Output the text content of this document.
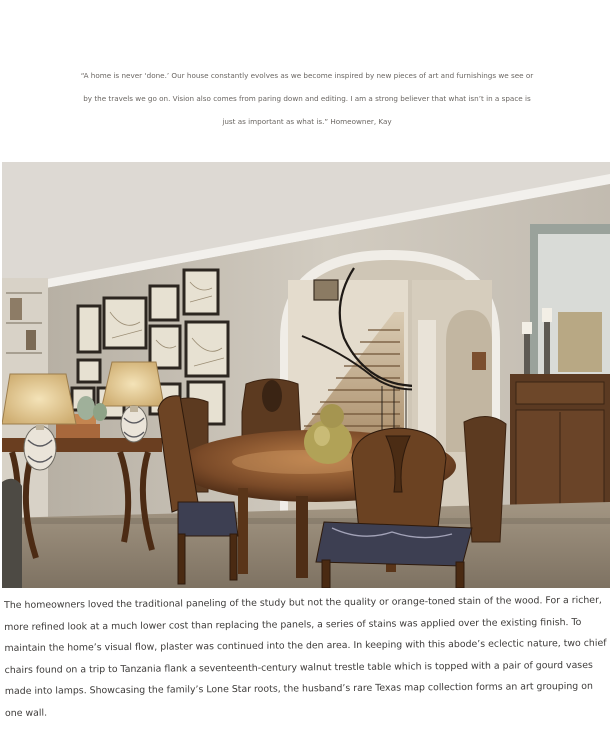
“A home is never ‘done.’ Our house constantly evolves as we become inspired by new pieces of art and furnishings we see or by the travels we go on. Vision also comes from paring down and editing. I am a strong believer that what isn’t in a space is just as important as what is.” Homeowner, Kay

The homeowners loved the traditional paneling of the study but not the quality or orange-toned stain of the wood. For a richer, more refined look at a much lower cost than replacing the panels, a series of stains was applied over the existing finish. To maintain the home’s visual flow, plaster was continued into the den area. In keeping with this abode’s eclectic nature, two chief chairs found on a trip to Tanzania flank a seventeenth-century walnut trestle table which is topped with a pair of gourd vases made into lamps. Showcasing the family’s Lone Star roots, the husband’s rare Texas map collection forms an art grouping on one wall.
